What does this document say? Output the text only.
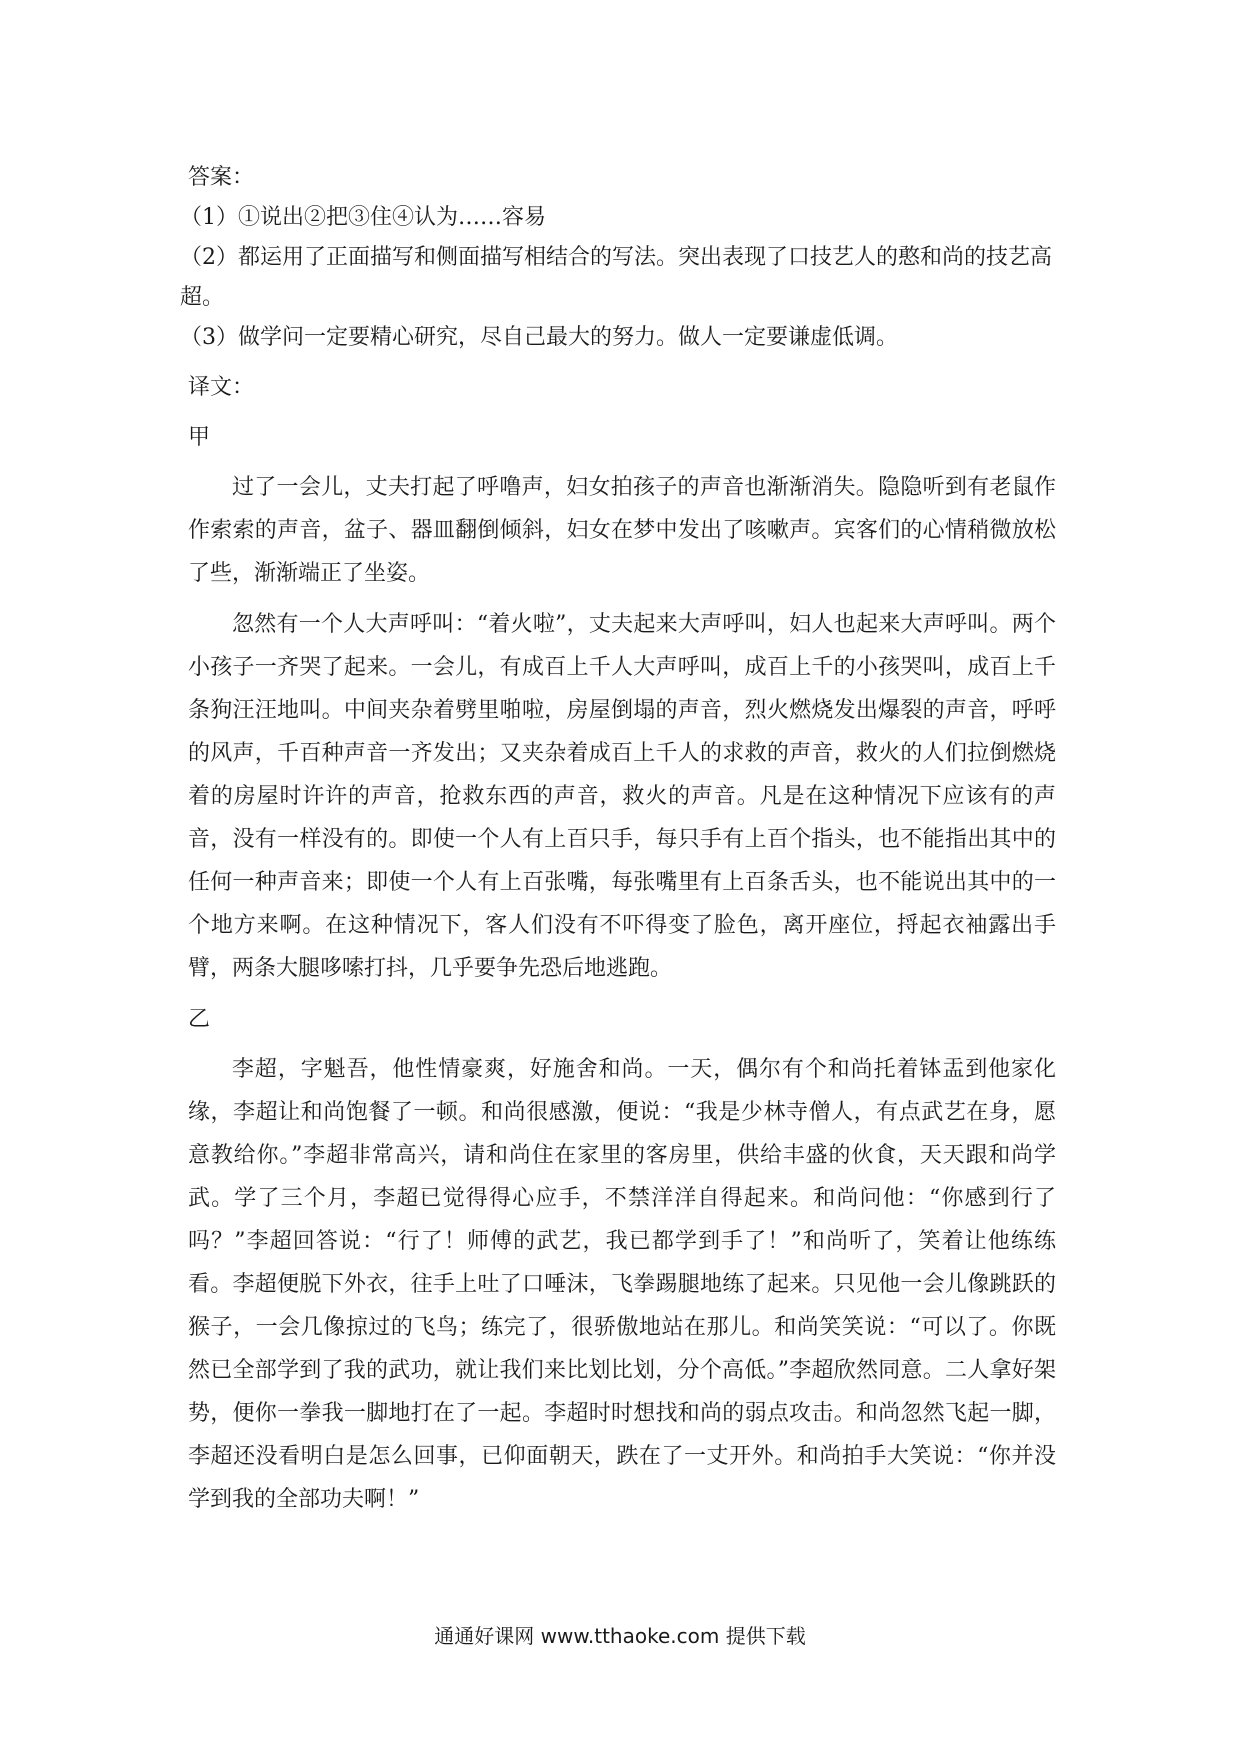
答案：

（1）①说出②把③住④认为……容易

（2）都运用了正面描写和侧面描写相结合的写法。突出表现了口技艺人的憨和尚的技艺高超。

（3）做学问一定要精心研究，尽自己最大的努力。做人一定要谦虚低调。

译文：

甲

过了一会儿，丈夫打起了呼噜声，妇女拍孩子的声音也渐渐消失。隐隐听到有老鼠作作索索的声音，盆子、器皿翻倒倾斜，妇女在梦中发出了咳嗽声。宾客们的心情稍微放松了些，渐渐端正了坐姿。

忽然有一个人大声呼叫：“着火啦”，丈夫起来大声呼叫，妇人也起来大声呼叫。两个小孩子一齐哭了起来。一会儿，有成百上千人大声呼叫，成百上千的小孩哭叫，成百上千条狗汪汪地叫。中间夹杂着劈里啪啦，房屋倒塌的声音，烈火燃烧发出爆裂的声音，呼呼的风声，千百种声音一齐发出；又夹杂着成百上千人的求救的声音，救火的人们拉倒燃烧着的房屋时许许的声音，抢救东西的声音，救火的声音。凡是在这种情况下应该有的声音，没有一样没有的。即使一个人有上百只手，每只手有上百个指头，也不能指出其中的任何一种声音来；即使一个人有上百张嘴，每张嘴里有上百条舌头，也不能说出其中的一个地方来啊。在这种情况下，客人们没有不吓得变了脸色，离开座位，捋起衣袖露出手臂，两条大腿哆嗦打抖，几乎要争先恐后地逃跑。

乙

李超，字魁吾，他性情豪爽，好施舍和尚。一天，偶尔有个和尚托着钵盂到他家化缘，李超让和尚饱餐了一顿。和尚很感激，便说：“我是少林寺僧人，有点武艺在身，愿意教给你。”李超非常高兴，请和尚住在家里的客房里，供给丰盛的伙食，天天跟和尚学武。学了三个月，李超已觉得得心应手，不禁洋洋自得起来。和尚问他：“你感到行了吗？”李超回答说：“行了！师傅的武艺，我已都学到手了！”和尚听了，笑着让他练练看。李超便脱下外衣，往手上吐了口唾沫，飞拳踢腿地练了起来。只见他一会儿像跳跃的猴子，一会几像掠过的飞鸟；练完了，很骄傲地站在那儿。和尚笑笑说：“可以了。你既然已全部学到了我的武功，就让我们来比划比划，分个高低。”李超欣然同意。二人拿好架势，便你一拳我一脚地打在了一起。李超时时想找和尚的弱点攻击。和尚忽然飞起一脚，李超还没看明白是怎么回事，已仰面朝天，跌在了一丈开外。和尚拍手大笑说：“你并没学到我的全部功夫啊！”

通通好课网 www.tthaoke.com 提供下载
